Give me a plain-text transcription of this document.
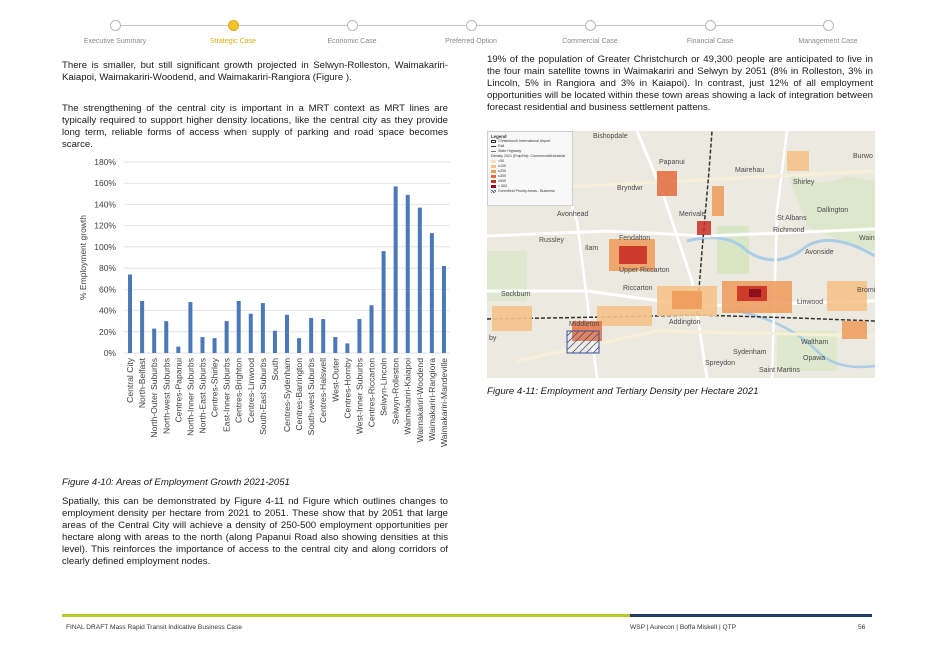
Executive Summary	Strategic Case	Economic Case	Preferred Option	Commercial Case	Financial Case	Management Case

There is smaller, but still significant growth projected in Selwyn-Rolleston, Waimakariri-Kaiapoi, Waimakariri-Woodend, and Waimakariri-Rangiora (Figure ).

The strengthening of the central city is important in a MRT context as MRT lines are typically required to support higher density locations, like the central city as they provide long term, reliable forms of access when supply of parking and road space becomes scarce.

0%
20%
40%
60%
80%
100%
120%
140%
160%
180%
% Employment growth
Central City North-Belfast North-Outer Suburbs North-west Suburbs Centres-Papanui North-Inner Suburbs North-East Suburbs Centres-Shirley East-Inner Suburbs Centres-Brighton Centres-Linwood South-East Suburbs South Centres-Sydenham Centres-Barrington South-west Suburbs Centres-Halswell West-Outer Centres-Hornby West-Inner Suburbs Centres-Riccarton Selwyn-Lincoln Selwyn-Rolleston Waimakariri-Kaiapoi Waimakariri-Woodend Waimakariri-Rangiora Waimakariri-Mandeville
Figure 4-10: Areas of Employment Growth 2021-2051

Spatially, this can be demonstrated by Figure 4-11 nd Figure which outlines changes to employment density per hectare from 2021 to 2051. These show that by 2051 that large areas of the Central City will achieve a density of 250-500 employment opportunities per hectare along with areas to the north (along Papanui Road also showing densities at this level). This reinforces the importance of access to the central city and along corridors of clearly defined employment nodes.

19% of the population of Greater Christchurch or 49,300 people are anticipated to live in the four main satellite towns in Waimakariri and Selwyn by 2051 (8% in Rolleston, 3% in Lincoln, 5% in Rangiora and 3% in Kaiapoi). In contrast, just 12% of all employment opportunities will be located within these town areas showing a lack of integration between forecast residential and business settlement pattens.

Legend
Christchurch International Airport
Rail
State Highway
Density 2021 (Emp/Ha): Commercial/Industrial
<50
≤100
≤200
≤300
≤500
> 500
Greenfield Priority Areas - Business
Bishopdale
Papanui
Mairehau
Burwo
Shirley
Bryndwr
Dallington
Avonhead	Merivale
St Albans
Richmond
Wain
Russley	Fendalton
Ilam
Avonside
Upper Riccarton
Riccarton
Sockburn
Linwood
Bromi
Middleton	Addington
Waltham
Sydenham
Opawa
Spreydon
Saint Martins
by
Figure 4-11: Employment and Tertiary Density per Hectare 2021
FINAL DRAFT Mass Rapid Transit Indicative Business Case	WSP | Aurecon | Boffa Miskell | QTP	56
